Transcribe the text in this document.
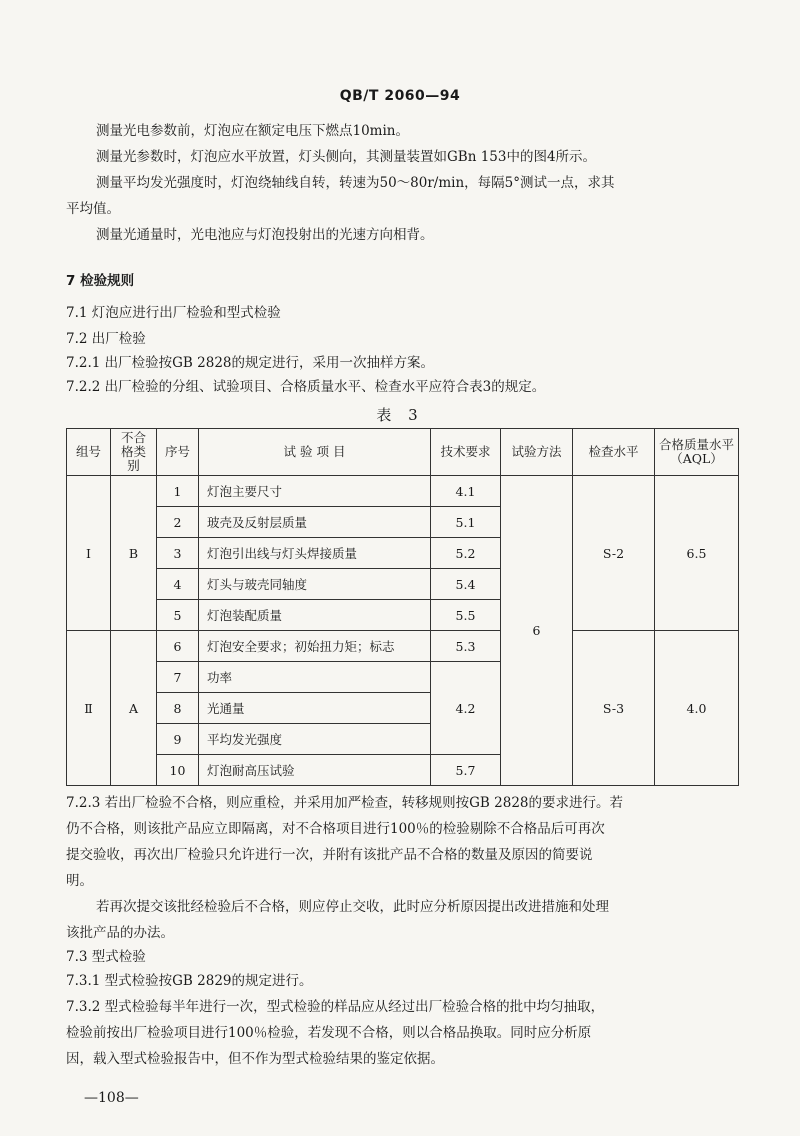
QB/T 2060—94
测量光电参数前，灯泡应在额定电压下燃点10min。
测量光参数时，灯泡应水平放置，灯头侧向，其测量装置如GBn 153中的图4所示。
测量平均发光强度时，灯泡绕轴线自转，转速为50～80r/min，每隔5°测试一点，求其
平均值。
测量光通量时，光电池应与灯泡投射出的光速方向相背。
7 检验规则
7.1 灯泡应进行出厂检验和型式检验
7.2 出厂检验
7.2.1 出厂检验按GB 2828的规定进行，采用一次抽样方案。
7.2.2 出厂检验的分组、试验项目、合格质量水平、检查水平应符合表3的规定。
表 3
组号	不合格类 别	序号	试 验 项 目	技术要求	试验方法	检查水平	合格质量水平（AQL）
Ⅰ	B	1	灯泡主要尺寸	4.1	6	S-2	6.5
		2	玻壳及反射层质量	5.1			
		3	灯泡引出线与灯头焊接质量	5.2			
		4	灯头与玻壳同轴度	5.4			
		5	灯泡装配质量	5.5			
Ⅱ	A	6	灯泡安全要求；初始扭力矩；标志	5.3		S-3	4.0
		7	功率	4.2			
		8	光通量				
		9	平均发光强度				
		10	灯泡耐高压试验	5.7			
7.2.3 若出厂检验不合格，则应重检，并采用加严检查，转移规则按GB 2828的要求进行。若
仍不合格，则该批产品应立即隔离，对不合格项目进行100％的检验剔除不合格品后可再次
提交验收，再次出厂检验只允许进行一次，并附有该批产品不合格的数量及原因的简要说
明。
若再次提交该批经检验后不合格，则应停止交收，此时应分析原因提出改进措施和处理
该批产品的办法。
7.3 型式检验
7.3.1 型式检验按GB 2829的规定进行。
7.3.2 型式检验每半年进行一次，型式检验的样品应从经过出厂检验合格的批中均匀抽取，
检验前按出厂检验项目进行100％检验，若发现不合格，则以合格品换取。同时应分析原
因，载入型式检验报告中，但不作为型式检验结果的鉴定依据。
—108—
